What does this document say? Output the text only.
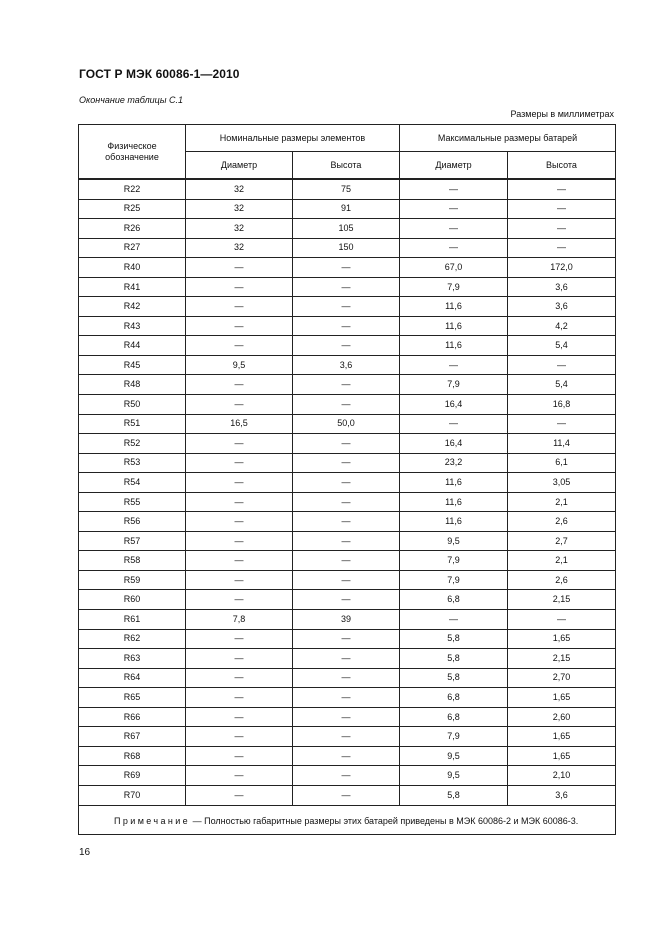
ГОСТ Р МЭК 60086-1—2010
Окончание таблицы С.1
Размеры в миллиметрах
Физическое обозначение	Номинальные размеры элементов		Максимальные размеры батарей	
	Диаметр	Высота	Диаметр	Высота
R22	32	75	—	—
R25	32	91	—	—
R26	32	105	—	—
R27	32	150	—	—
R40	—	—	67,0	172,0
R41	—	—	7,9	3,6
R42	—	—	11,6	3,6
R43	—	—	11,6	4,2
R44	—	—	11,6	5,4
R45	9,5	3,6	—	—
R48	—	—	7,9	5,4
R50	—	—	16,4	16,8
R51	16,5	50,0	—	—
R52	—	—	16,4	11,4
R53	—	—	23,2	6,1
R54	—	—	11,6	3,05
R55	—	—	11,6	2,1
R56	—	—	11,6	2,6
R57	—	—	9,5	2,7
R58	—	—	7,9	2,1
R59	—	—	7,9	2,6
R60	—	—	6,8	2,15
R61	7,8	39	—	—
R62	—	—	5,8	1,65
R63	—	—	5,8	2,15
R64	—	—	5,8	2,70
R65	—	—	6,8	1,65
R66	—	—	6,8	2,60
R67	—	—	7,9	1,65
R68	—	—	9,5	1,65
R69	—	—	9,5	2,10
R70	—	—	5,8	3,6

Примечание — Полностью габаритные размеры этих батарей приведены в МЭК 60086-2 и МЭК 60086-3.				
16
